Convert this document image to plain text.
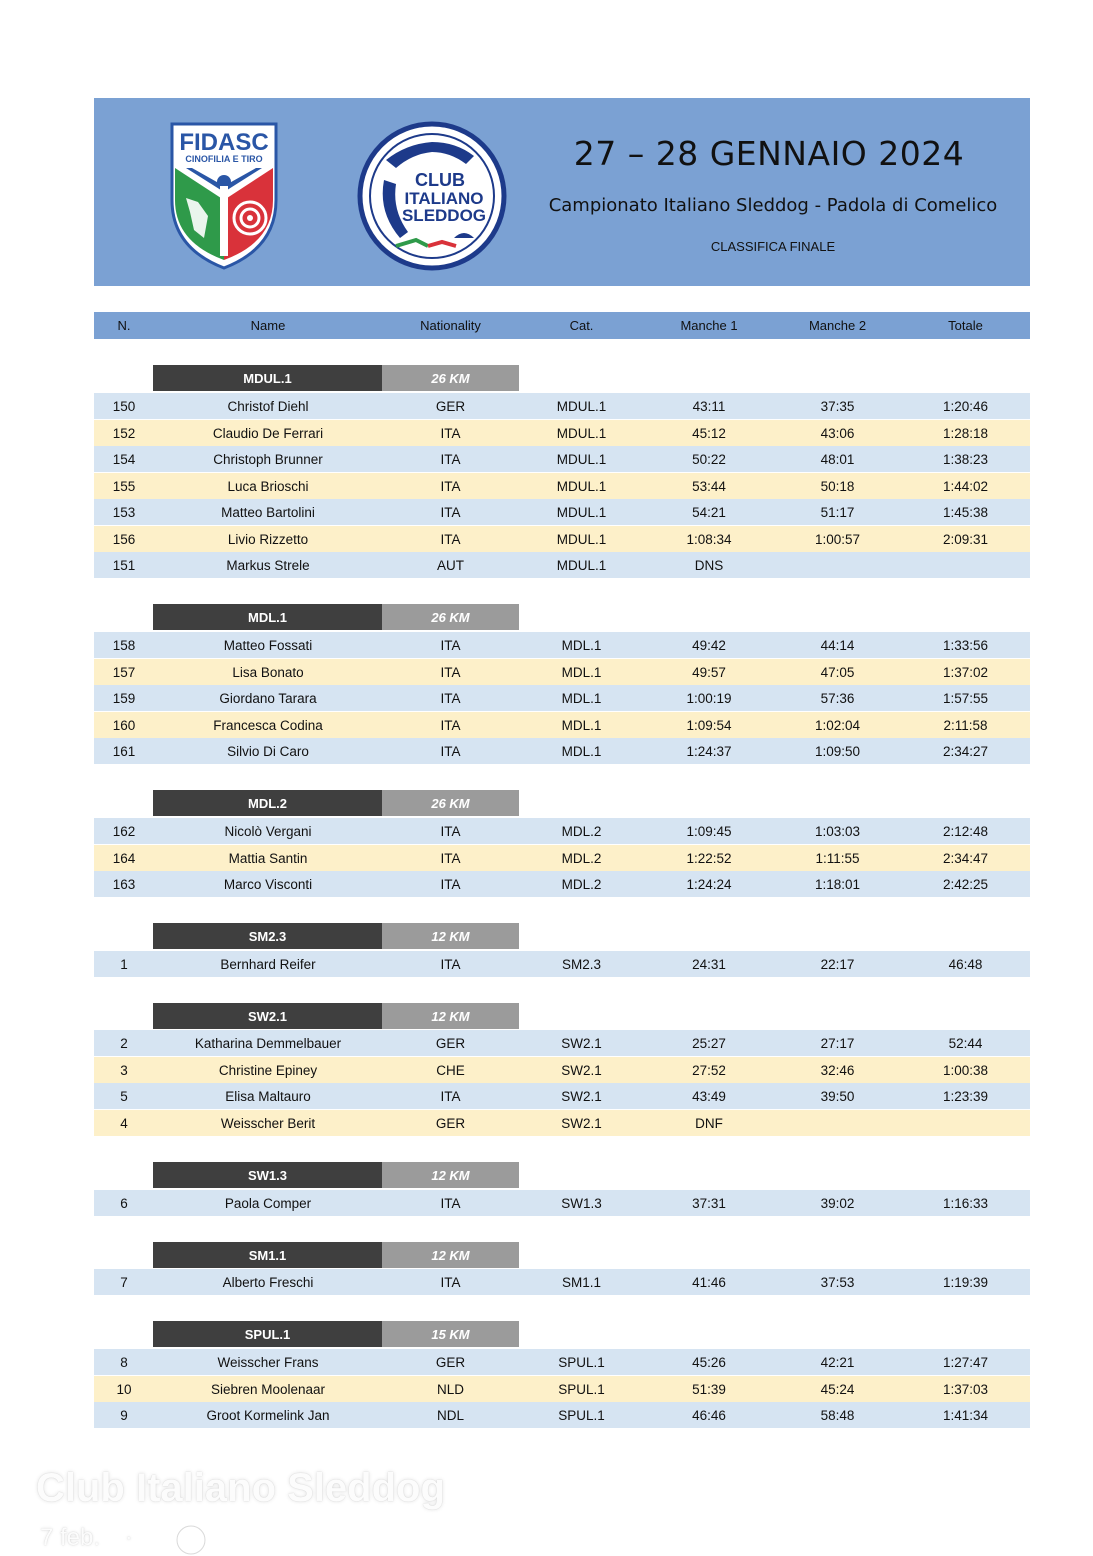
FIDASC
CINOFILIA E TIRO
CLUB
ITALIANO
SLEDDOG
27 – 28 GENNAIO 2024
Campionato Italiano Sleddog - Padola di Comelico
CLASSIFICA FINALE
N.	Name	Nationality	Cat.	Manche 1	Manche 2	Totale
MDUL.1	26 KM
150	Christof Diehl	GER	MDUL.1	43:11	37:35	1:20:46
152	Claudio De Ferrari	ITA	MDUL.1	45:12	43:06	1:28:18
154	Christoph Brunner	ITA	MDUL.1	50:22	48:01	1:38:23
155	Luca Brioschi	ITA	MDUL.1	53:44	50:18	1:44:02
153	Matteo Bartolini	ITA	MDUL.1	54:21	51:17	1:45:38
156	Livio Rizzetto	ITA	MDUL.1	1:08:34	1:00:57	2:09:31
151	Markus Strele	AUT	MDUL.1	DNS
MDL.1	26 KM
158	Matteo Fossati	ITA	MDL.1	49:42	44:14	1:33:56
157	Lisa Bonato	ITA	MDL.1	49:57	47:05	1:37:02
159	Giordano Tarara	ITA	MDL.1	1:00:19	57:36	1:57:55
160	Francesca Codina	ITA	MDL.1	1:09:54	1:02:04	2:11:58
161	Silvio Di Caro	ITA	MDL.1	1:24:37	1:09:50	2:34:27
MDL.2	26 KM
162	Nicolò Vergani	ITA	MDL.2	1:09:45	1:03:03	2:12:48
164	Mattia Santin	ITA	MDL.2	1:22:52	1:11:55	2:34:47
163	Marco Visconti	ITA	MDL.2	1:24:24	1:18:01	2:42:25
SM2.3	12 KM
1	Bernhard Reifer	ITA	SM2.3	24:31	22:17	46:48
SW2.1	12 KM
2	Katharina Demmelbauer	GER	SW2.1	25:27	27:17	52:44
3	Christine Epiney	CHE	SW2.1	27:52	32:46	1:00:38
5	Elisa Maltauro	ITA	SW2.1	43:49	39:50	1:23:39
4	Weisscher Berit	GER	SW2.1	DNF
SW1.3	12 KM
6	Paola Comper	ITA	SW1.3	37:31	39:02	1:16:33
SM1.1	12 KM
7	Alberto Freschi	ITA	SM1.1	41:46	37:53	1:19:39
SPUL.1	15 KM
8	Weisscher Frans	GER	SPUL.1	45:26	42:21	1:27:47
10	Siebren Moolenaar	NLD	SPUL.1	51:39	45:24	1:37:03
9	Groot Kormelink Jan	NDL	SPUL.1	46:46	58:48	1:41:34
Club Italiano Sleddog
7 feb. ·
